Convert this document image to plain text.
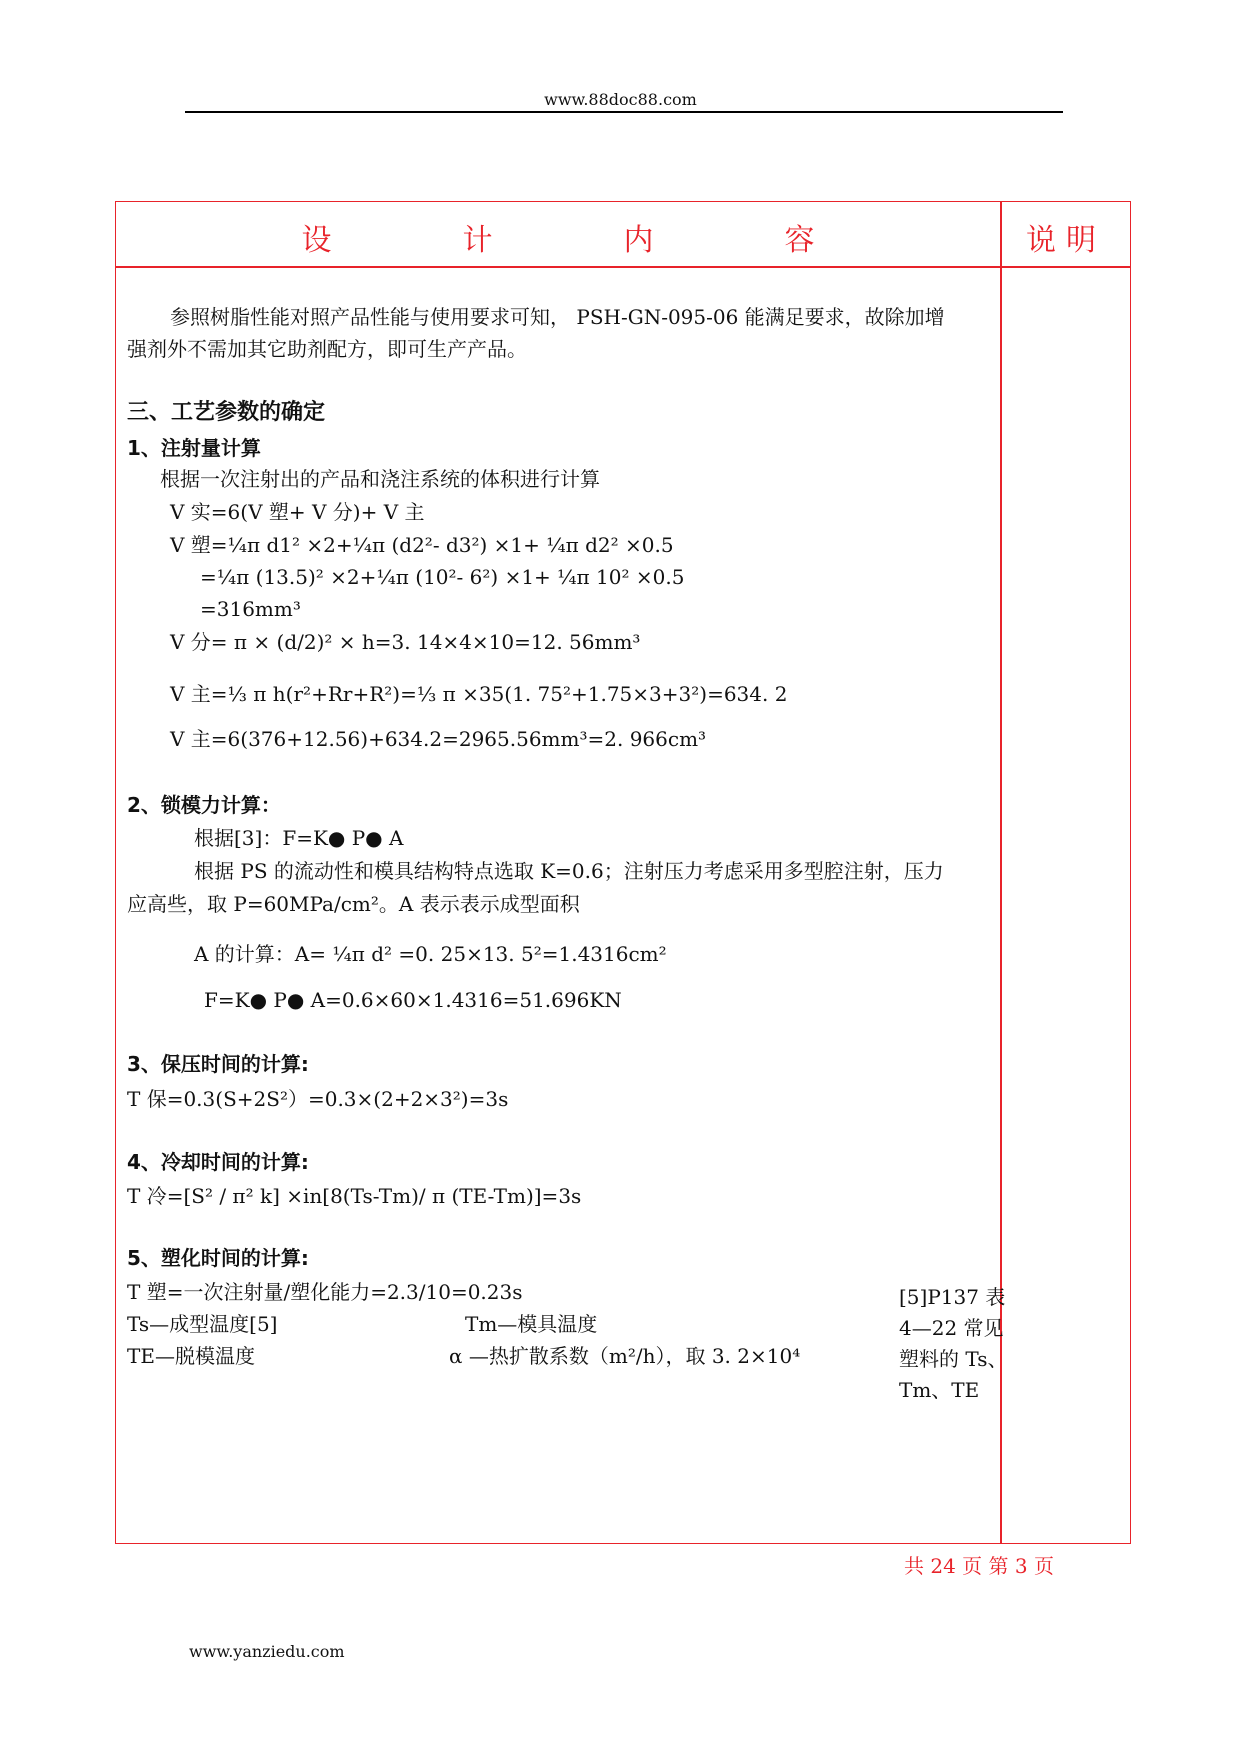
www.88doc88.com
设	计	内	容	说明
参照树脂性能对照产品性能与使用要求可知， PSH-GN-095-06 能满足要求，故除加增
强剂外不需加其它助剂配方，即可生产产品。
三、工艺参数的确定
1、注射量计算
根据一次注射出的产品和浇注系统的体积进行计算
V 实=6(V 塑+ V 分)+ V 主
V 塑=¼π d1² ×2+¼π (d2²- d3²) ×1+ ¼π d2² ×0.5
=¼π (13.5)² ×2+¼π (10²- 6²) ×1+ ¼π 10² ×0.5
=316mm³
V 分= π × (d/2)² × h=3. 14×4×10=12. 56mm³
V 主=⅓ π h(r²+Rr+R²)=⅓ π ×35(1. 75²+1.75×3+3²)=634. 2
V 主=6(376+12.56)+634.2=2965.56mm³=2. 966cm³
2、锁模力计算：
根据[3]：F=K● P● A
根据 PS 的流动性和模具结构特点选取 K=0.6；注射压力考虑采用多型腔注射，压力
应高些，取 P=60MPa/cm²。A 表示表示成型面积
A 的计算：A= ¼π d² =0. 25×13. 5²=1.4316cm²
F=K● P● A=0.6×60×1.4316=51.696KN
3、保压时间的计算:
T 保=0.3(S+2S²）=0.3×(2+2×3²)=3s
4、冷却时间的计算:
T 冷=[S² / π² k] ×in[8(Ts-Tm)/ π (TE-Tm)]=3s
5、塑化时间的计算:
T 塑=一次注射量/塑化能力=2.3/10=0.23s
Ts—成型温度[5]	Tm—模具温度
TE—脱模温度	α —热扩散系数（m²/h），取 3. 2×10⁴
[5]P137 表 4—22 常见塑料的 Ts、Tm、TE
共 24 页 第 3 页
www.yanziedu.com
